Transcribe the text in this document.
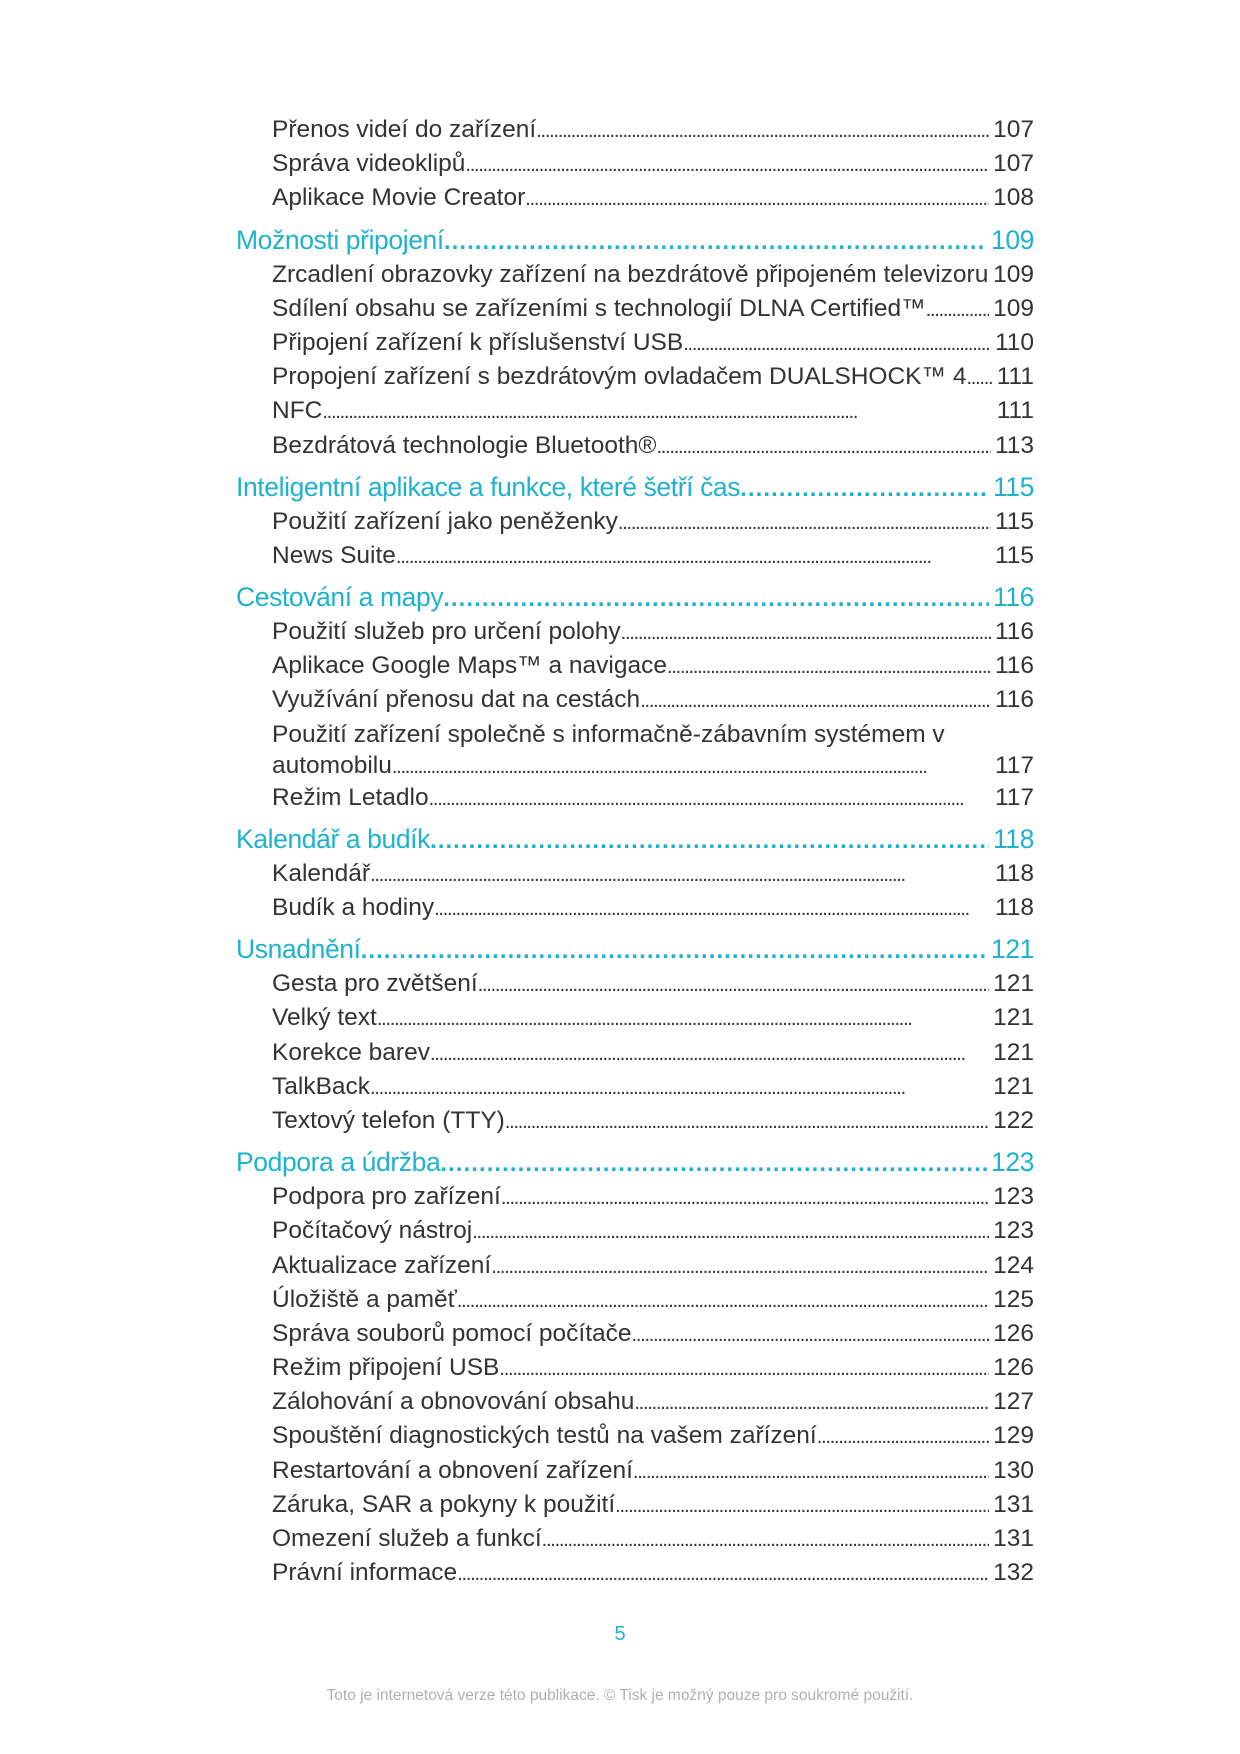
Přenos videí do zařízení . . .	107
Správa videoklipů . . .	107
Aplikace Movie Creator . . .	108
Možnosti připojení . . .	109
Zrcadlení obrazovky zařízení na bezdrátově připojeném televizoru . . . 109
Sdílení obsahu se zařízeními s technologií DLNA Certified™ . . .	109
Připojení zařízení k příslušenství USB . . .	110
Propojení zařízení s bezdrátovým ovladačem DUALSHOCK™ 4 . . . 111
NFC . . .	111
Bezdrátová technologie Bluetooth® . . .	113
Inteligentní aplikace a funkce, které šetří čas . . .	115
Použití zařízení jako peněženky . . .	115
News Suite . . .	115
Cestování a mapy . . .	116
Použití služeb pro určení polohy . . .	116
Aplikace Google Maps™ a navigace . . .	116
Využívání přenosu dat na cestách . . .	116
Použití zařízení společně s informačně-zábavním systémem v
automobilu . . .	117
Režim Letadlo . . .	117
Kalendář a budík . . .	118
Kalendář . . .	118
Budík a hodiny . . .	118
Usnadnění . . .	121
Gesta pro zvětšení . . .	121
Velký text . . .	121
Korekce barev . . .	121
TalkBack . . .	121
Textový telefon (TTY) . . .	122
Podpora a údržba . . .	123
Podpora pro zařízení . . .	123
Počítačový nástroj . . .	123
Aktualizace zařízení . . .	124
Úložiště a paměť . . .	125
Správa souborů pomocí počítače . . .	126
Režim připojení USB . . .	126
Zálohování a obnovování obsahu . . .	127
Spouštění diagnostických testů na vašem zařízení . . .	129
Restartování a obnovení zařízení . . .	130
Záruka, SAR a pokyny k použití . . .	131
Omezení služeb a funkcí . . .	131
Právní informace . . .	132
5
Toto je internetová verze této publikace. © Tisk je možný pouze pro soukromé použití.
